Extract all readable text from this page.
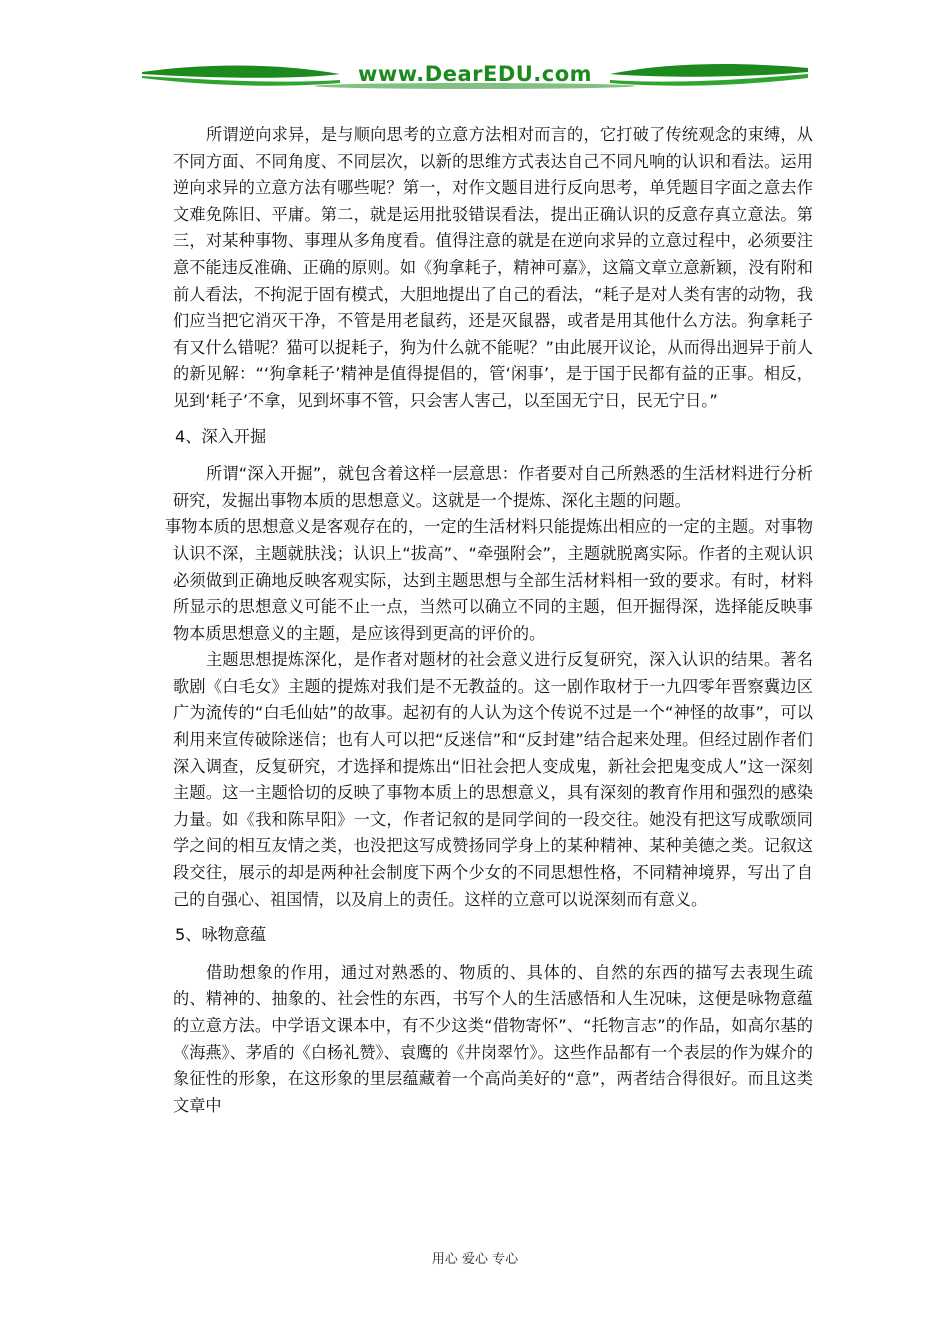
www.DearEDU.com

所谓逆向求异，是与顺向思考的立意方法相对而言的，它打破了传统观念的束缚，从不同方面、不同角度、不同层次，以新的思维方式表达自己不同凡响的认识和看法。运用逆向求异的立意方法有哪些呢？第一，对作文题目进行反向思考，单凭题目字面之意去作文难免陈旧、平庸。第二，就是运用批驳错误看法，提出正确认识的反意存真立意法。第三，对某种事物、事理从多角度看。值得注意的就是在逆向求异的立意过程中，必须要注意不能违反准确、正确的原则。如《狗拿耗子，精神可嘉》，这篇文章立意新颖，没有附和前人看法，不拘泥于固有模式，大胆地提出了自己的看法，“耗子是对人类有害的动物，我们应当把它消灭干净，不管是用老鼠药，还是灭鼠器，或者是用其他什么方法。狗拿耗子有又什么错呢？猫可以捉耗子，狗为什么就不能呢？”由此展开议论，从而得出迥异于前人的新见解：“‘狗拿耗子’精神是值得提倡的，管‘闲事’，是于国于民都有益的正事。相反，见到‘耗子’不拿，见到坏事不管，只会害人害己，以至国无宁日，民无宁日。”

4、深入开掘

所谓“深入开掘”，就包含着这样一层意思：作者要对自己所熟悉的生活材料进行分析研究，发掘出事物本质的思想意义。这就是一个提炼、深化主题的问题。

事物本质的思想意义是客观存在的，一定的生活材料只能提炼出相应的一定的主题。对事物认识不深，主题就肤浅；认识上“拔高”、“牵强附会”，主题就脱离实际。作者的主观认识必须做到正确地反映客观实际，达到主题思想与全部生活材料相一致的要求。有时，材料所显示的思想意义可能不止一点，当然可以确立不同的主题，但开掘得深，选择能反映事物本质思想意义的主题，是应该得到更高的评价的。

主题思想提炼深化，是作者对题材的社会意义进行反复研究，深入认识的结果。著名歌剧《白毛女》主题的提炼对我们是不无教益的。这一剧作取材于一九四零年晋察冀边区广为流传的“白毛仙姑”的故事。起初有的人认为这个传说不过是一个“神怪的故事”，可以利用来宣传破除迷信；也有人可以把“反迷信”和“反封建”结合起来处理。但经过剧作者们深入调查，反复研究，才选择和提炼出“旧社会把人变成鬼，新社会把鬼变成人”这一深刻主题。这一主题恰切的反映了事物本质上的思想意义，具有深刻的教育作用和强烈的感染力量。如《我和陈早阳》一文，作者记叙的是同学间的一段交往。她没有把这写成歌颂同学之间的相互友情之类，也没把这写成赞扬同学身上的某种精神、某种美德之类。记叙这段交往，展示的却是两种社会制度下两个少女的不同思想性格，不同精神境界，写出了自己的自强心、祖国情，以及肩上的责任。这样的立意可以说深刻而有意义。

5、咏物意蕴

借助想象的作用，通过对熟悉的、物质的、具体的、自然的东西的描写去表现生疏的、精神的、抽象的、社会性的东西，书写个人的生活感悟和人生况味，这便是咏物意蕴的立意方法。中学语文课本中，有不少这类“借物寄怀”、“托物言志”的作品，如高尔基的《海燕》、茅盾的《白杨礼赞》、袁鹰的《井岗翠竹》。这些作品都有一个表层的作为媒介的象征性的形象，在这形象的里层蕴藏着一个高尚美好的“意”，两者结合得很好。而且这类文章中

用心 爱心 专心
